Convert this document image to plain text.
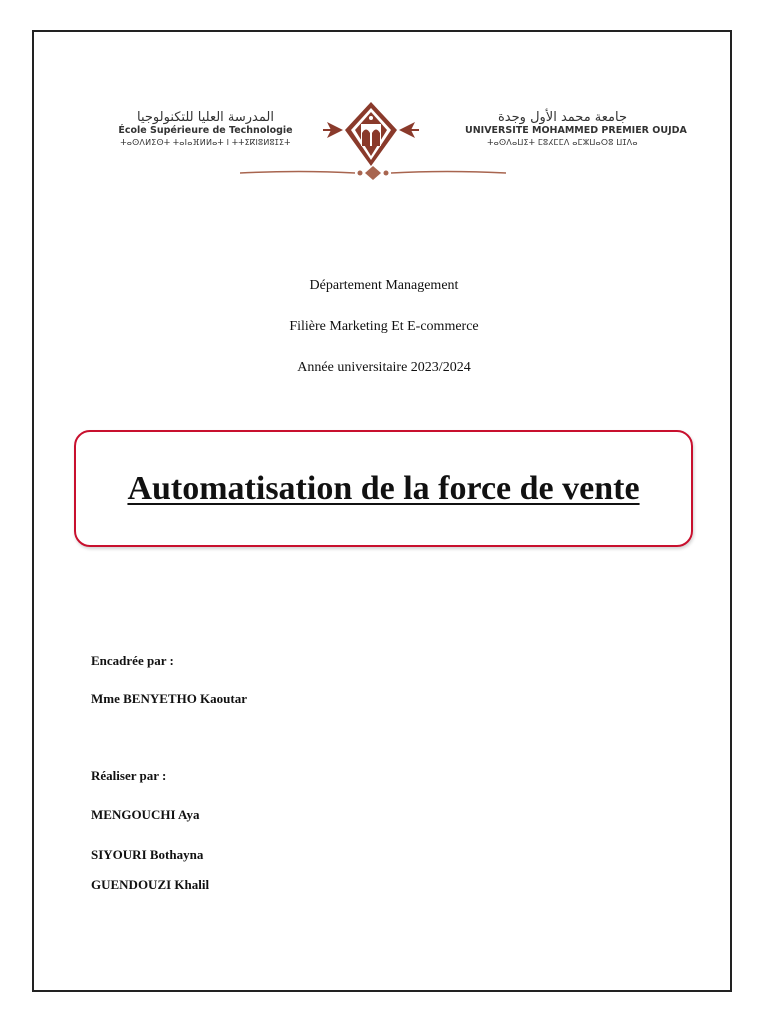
المدرسة العليا للتكنولوجيا
École Supérieure de Technologie
ⵜⴰⵙⴷⵍⵉⵙⵜ ⵜⴰⵏⴰⴼⵍⵍⴰⵜ ⵏ ⵜⵜⵉⴽⵏⵓⵍⵓⵊⵉⵜ
جامعة محمد الأول وجدة
UNIVERSITE MOHAMMED PREMIER OUJDA
ⵜⴰⵙⴷⴰⵡⵉⵜ ⵎⵓⵃⵎⵎⴷ ⴰⵎⵣⵡⴰⵔⵓ ⵡⵊⴷⴰ
Département Management
Filière Marketing Et E-commerce
Année universitaire 2023/2024
Automatisation de la force de vente
Encadrée par :
Mme BENYETHO Kaoutar
Réaliser par :
MENGOUCHI Aya
SIYOURI Bothayna
GUENDOUZI Khalil
